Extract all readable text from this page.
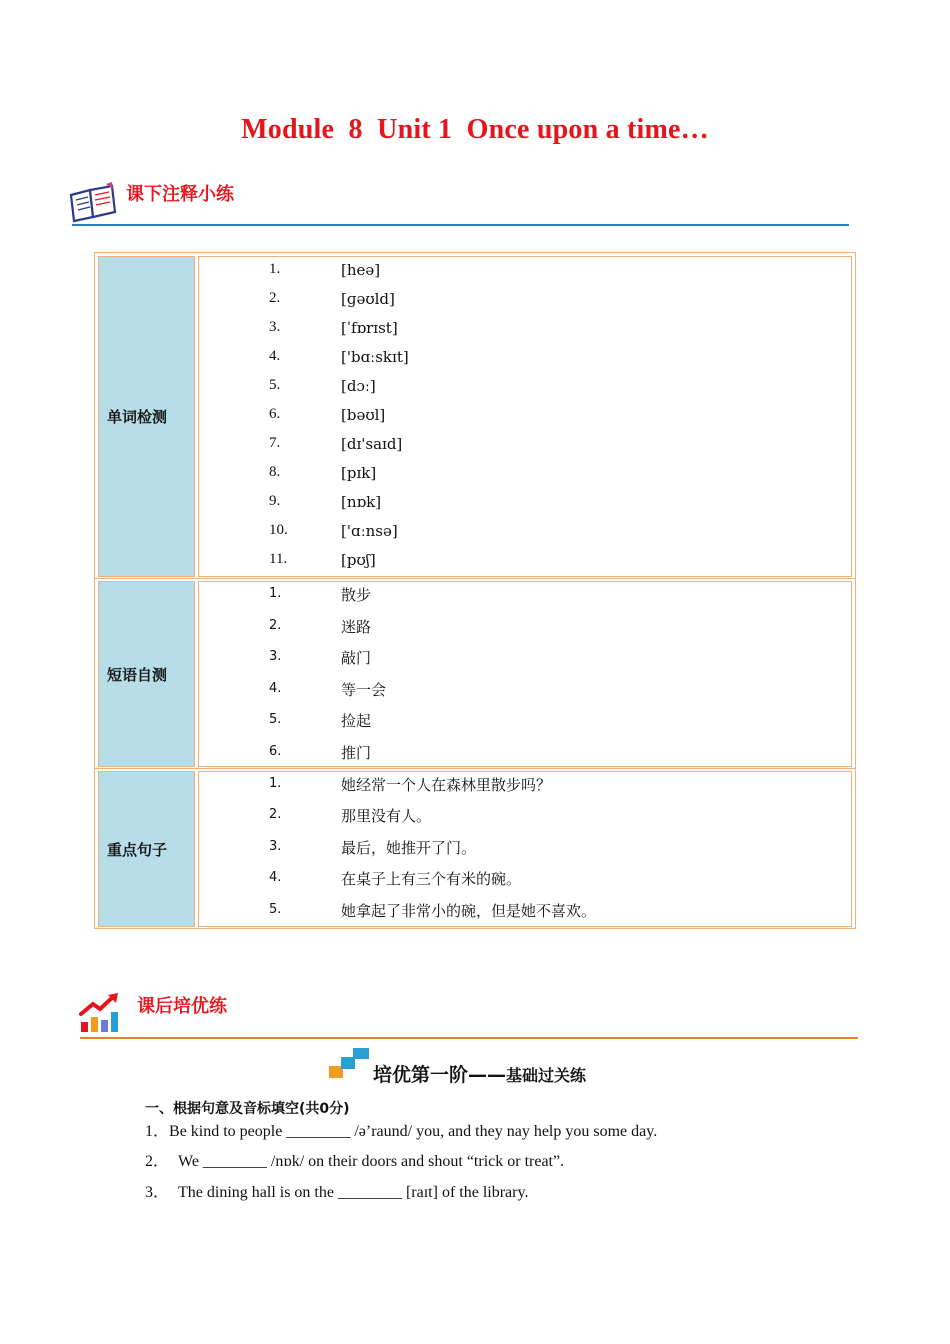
Module  8  Unit 1  Once upon a time…
课下注释小练
单词检测
1.	[heə]
2.	[ɡəʊld]
3.	[ˈfɒrɪst]
4.	['bɑːskɪt]
5.	[dɔː]
6.	[bəʊl]
7.	[dɪ'saɪd]
8.	[pɪk]
9.	[nɒk]
10.	['ɑːnsə]
11.	[pʊʃ]
短语自测
1.	散步
2.	迷路
3.	敲门
4.	等一会
5.	捡起
6.	推门
重点句子
1.	她经常一个人在森林里散步吗？
2.	那里没有人。
3.	最后，她推开了门。
4.	在桌子上有三个有米的碗。
5.	她拿起了非常小的碗，但是她不喜欢。
课后培优练
培优第一阶——基础过关练
一、根据句意及音标填空(共0分)
1．Be kind to people ________ /ə’raund/ you, and they nay help you some day.
2． We ________ /nɒk/ on their doors and shout “trick or treat”.
3． The dining hall is on the ________ [raɪt] of the library.
